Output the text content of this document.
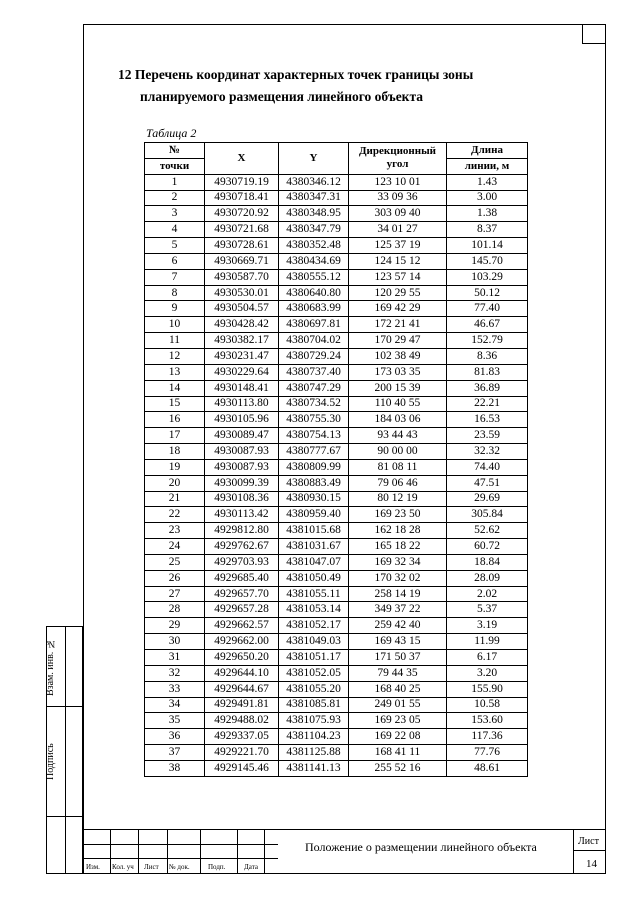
12 Перечень координат характерных точек границы зоны
планируемого размещения линейного объекта
Таблица 2
№	X	Y	Дирекционный угол	Длина
точки				линии, м
1	4930719.19	4380346.12	123 10 01	1.43
2	4930718.41	4380347.31	33 09 36	3.00
3	4930720.92	4380348.95	303 09 40	1.38
4	4930721.68	4380347.79	34 01 27	8.37
5	4930728.61	4380352.48	125 37 19	101.14
6	4930669.71	4380434.69	124 15 12	145.70
7	4930587.70	4380555.12	123 57 14	103.29
8	4930530.01	4380640.80	120 29 55	50.12
9	4930504.57	4380683.99	169 42 29	77.40
10	4930428.42	4380697.81	172 21 41	46.67
11	4930382.17	4380704.02	170 29 47	152.79
12	4930231.47	4380729.24	102 38 49	8.36
13	4930229.64	4380737.40	173 03 35	81.83
14	4930148.41	4380747.29	200 15 39	36.89
15	4930113.80	4380734.52	110 40 55	22.21
16	4930105.96	4380755.30	184 03 06	16.53
17	4930089.47	4380754.13	93 44 43	23.59
18	4930087.93	4380777.67	90 00 00	32.32
19	4930087.93	4380809.99	81 08 11	74.40
20	4930099.39	4380883.49	79 06 46	47.51
21	4930108.36	4380930.15	80 12 19	29.69
22	4930113.42	4380959.40	169 23 50	305.84
23	4929812.80	4381015.68	162 18 28	52.62
24	4929762.67	4381031.67	165 18 22	60.72
25	4929703.93	4381047.07	169 32 34	18.84
26	4929685.40	4381050.49	170 32 02	28.09
27	4929657.70	4381055.11	258 14 19	2.02
28	4929657.28	4381053.14	349 37 22	5.37
29	4929662.57	4381052.17	259 42 40	3.19
30	4929662.00	4381049.03	169 43 15	11.99
31	4929650.20	4381051.17	171 50 37	6.17
32	4929644.10	4381052.05	79 44 35	3.20
33	4929644.67	4381055.20	168 40 25	155.90
34	4929491.81	4381085.81	249 01 55	10.58
35	4929488.02	4381075.93	169 23 05	153.60
36	4929337.05	4381104.23	169 22 08	117.36
37	4929221.70	4381125.88	168 41 11	77.76
38	4929145.46	4381141.13	255 52 16	48.61
Взам. инв. №
Подпись
Изм. Кол. уч Лист № док.	Подп.	Дата
Положение о размещении линейного объекта	Лист
14
